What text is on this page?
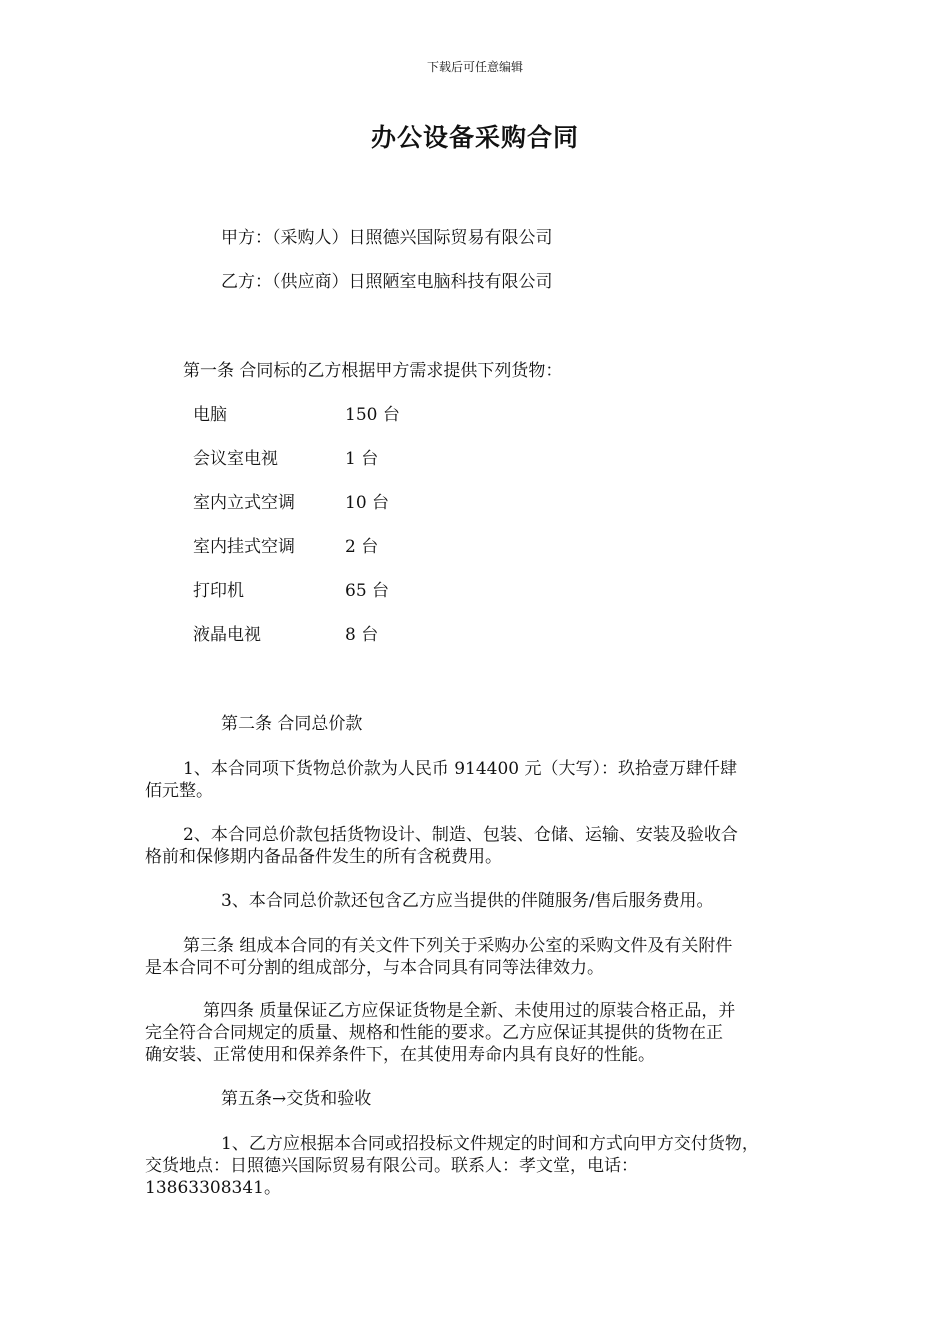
下载后可任意编辑
办公设备采购合同
甲方：（采购人）日照德兴国际贸易有限公司
乙方：（供应商）日照陋室电脑科技有限公司
第一条 合同标的乙方根据甲方需求提供下列货物：
电脑	150 台
会议室电视	1 台
室内立式空调	10 台
室内挂式空调	2 台
打印机	65 台
液晶电视	8 台
第二条 合同总价款
1、本合同项下货物总价款为人民币 914400 元（大写）：玖拾壹万肆仟肆
佰元整。
2、本合同总价款包括货物设计、制造、包装、仓储、运输、安装及验收合
格前和保修期内备品备件发生的所有含税费用。
3、本合同总价款还包含乙方应当提供的伴随服务/售后服务费用。
第三条 组成本合同的有关文件下列关于采购办公室的采购文件及有关附件
是本合同不可分割的组成部分，与本合同具有同等法律效力。
第四条 质量保证乙方应保证货物是全新、未使用过的原装合格正品，并
完全符合合同规定的质量、规格和性能的要求。乙方应保证其提供的货物在正
确安装、正常使用和保养条件下，在其使用寿命内具有良好的性能。
第五条→交货和验收
1、乙方应根据本合同或招投标文件规定的时间和方式向甲方交付货物，
交货地点：日照德兴国际贸易有限公司。联系人：孝文堂，电话：
13863308341。
